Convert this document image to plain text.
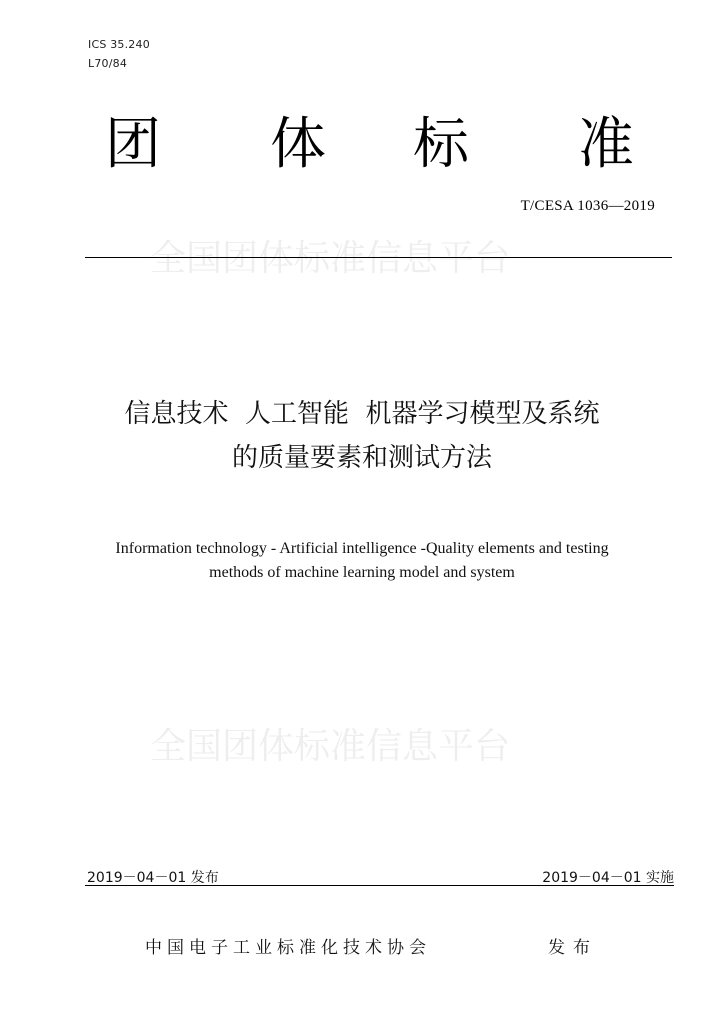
ICS 35.240
L70/84
团 体 标 准
T/CESA 1036—2019
全国团体标准信息平台
信息技术  人工智能  机器学习模型及系统
的质量要素和测试方法
Information technology - Artificial intelligence -Quality elements and testing
methods of machine learning model and system
全国团体标准信息平台
2019－04－01 发布	2019－04－01 实施
中国电子工业标准化技术协会	发布
